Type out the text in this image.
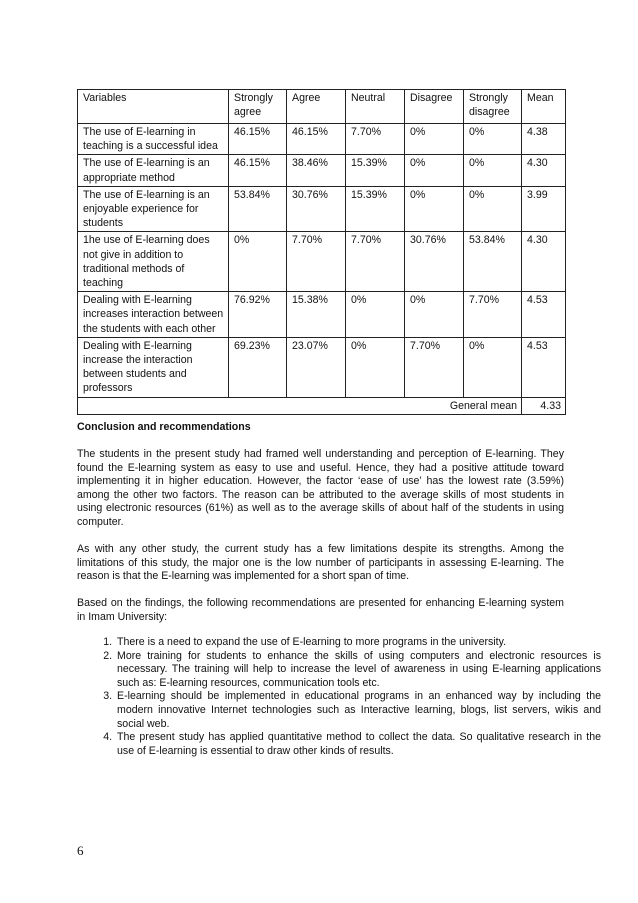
Variables	Strongly agree	Agree	Neutral	Disagree	Strongly disagree	Mean
The use of E-learning in teaching is a successful idea	46.15%	46.15%	7.70%	0%	0%	4.38
The use of E-learning is an appropriate method	46.15%	38.46%	15.39%	0%	0%	4.30
The use of E-learning is an enjoyable experience for students	53.84%	30.76%	15.39%	0%	0%	3.99
1he use of E-learning does not give in addition to traditional methods of teaching	0%	7.70%	7.70%	30.76%	53.84%	4.30
Dealing with E-learning increases interaction between the students with each other	76.92%	15.38%	0%	0%	7.70%	4.53
Dealing with E-learning increase the interaction between students and professors	69.23%	23.07%	0%	7.70%	0%	4.53
General mean						4.33
Conclusion and recommendations
The students in the present study had framed well understanding and perception of E-learning. They found the E-learning system as easy to use and useful. Hence, they had a positive attitude toward implementing it in higher education. However, the factor ‘ease of use’ has the lowest rate (3.59%) among the other two factors. The reason can be attributed to the average skills of most students in using electronic resources (61%) as well as to the average skills of about half of the students in using computer.
As with any other study, the current study has a few limitations despite its strengths. Among the limitations of this study, the major one is the low number of participants in assessing E-learning. The reason is that the E-learning was implemented for a short span of time.
Based on the findings, the following recommendations are presented for enhancing E-learning system in Imam University:
1. There is a need to expand the use of E-learning to more programs in the university.
2. More training for students to enhance the skills of using computers and electronic resources is necessary. The training will help to increase the level of awareness in using E-learning applications such as: E-learning resources, communication tools etc.
3. E-learning should be implemented in educational programs in an enhanced way by including the modern innovative Internet technologies such as Interactive learning, blogs, list servers, wikis and social web.
4. The present study has applied quantitative method to collect the data. So qualitative research in the use of E-learning is essential to draw other kinds of results.
6
